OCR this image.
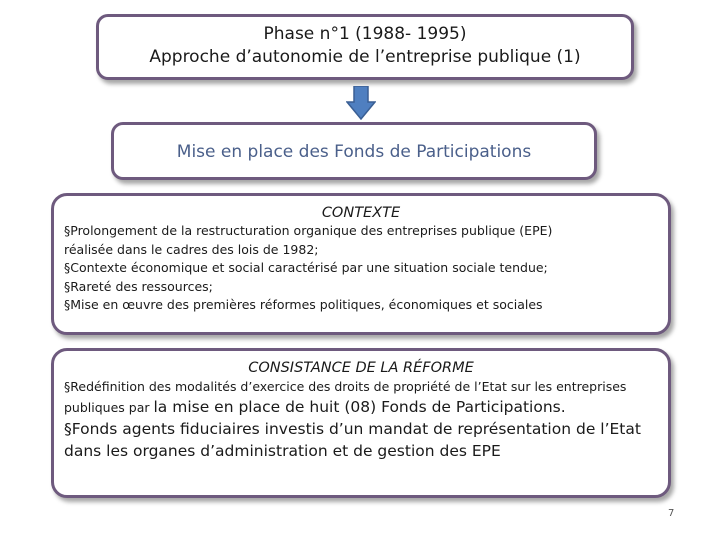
Phase n°1 (1988- 1995)
Approche d’autonomie de l’entreprise publique (1)
Mise en place des Fonds de Participations
CONTEXTE
§Prolongement de la restructuration organique des entreprises publique (EPE)
réalisée dans le cadres des lois de 1982;
§Contexte économique et social caractérisé par une situation sociale tendue;
§Rareté des ressources;
§Mise en œuvre des premières réformes politiques, économiques et sociales
CONSISTANCE DE LA RÉFORME
§Redéfinition des modalités d’exercice des droits de propriété de l’Etat sur les entreprises publiques par la mise en place de huit (08) Fonds de Participations.
§Fonds agents fiduciaires investis d’un mandat de représentation de l’Etat dans les organes d’administration et de gestion des EPE
7
